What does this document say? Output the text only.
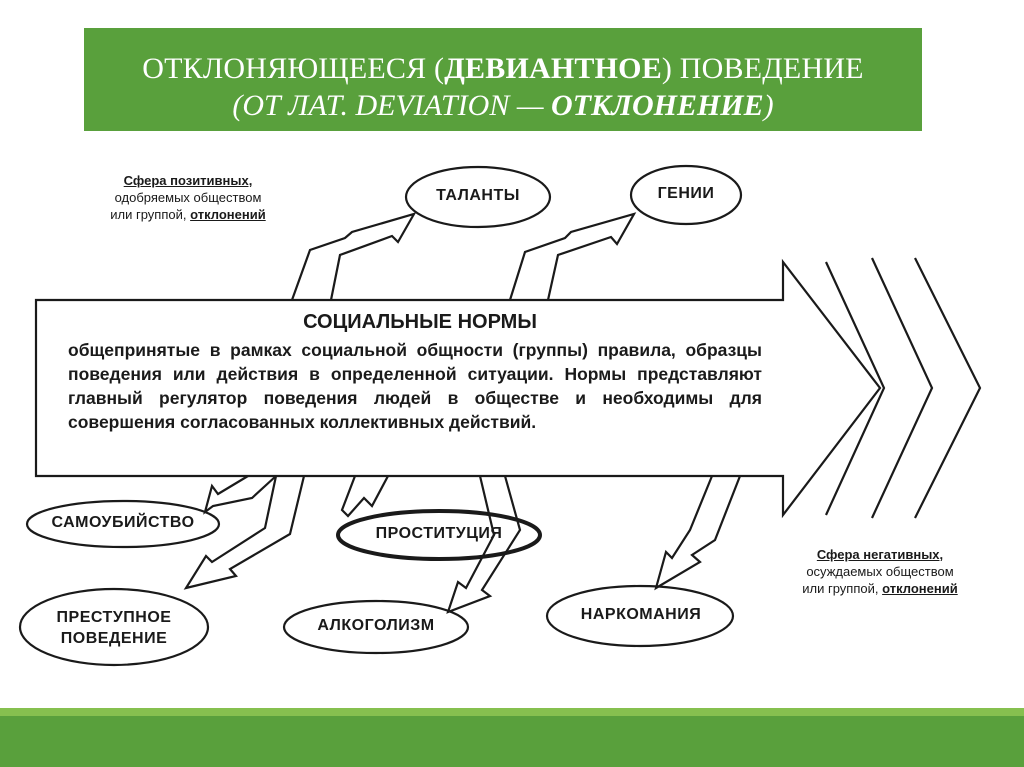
ОТКЛОНЯЮЩЕЕСЯ (ДЕВИАНТНОЕ) ПОВЕДЕНИЕ
(ОТ ЛАТ. DEVIATION — ОТКЛОНЕНИЕ)
Сфера позитивных,
одобряемых обществом
или группой, отклонений
Сфера негативных,
осуждаемых обществом
или группой, отклонений
СОЦИАЛЬНЫЕ НОРМЫ
общепринятые в рамках социальной общности (группы) правила, образцы поведения или действия в определенной ситуации. Нормы представляют главный регулятор поведения людей в обществе и необходимы для совершения согласованных коллективных действий.
ТАЛАНТЫ	ГЕНИИ
САМОУБИЙСТВО
ПРОСТИТУЦИЯ
ПРЕСТУПНОЕ
ПОВЕДЕНИЕ
АЛКОГОЛИЗМ
НАРКОМАНИЯ
